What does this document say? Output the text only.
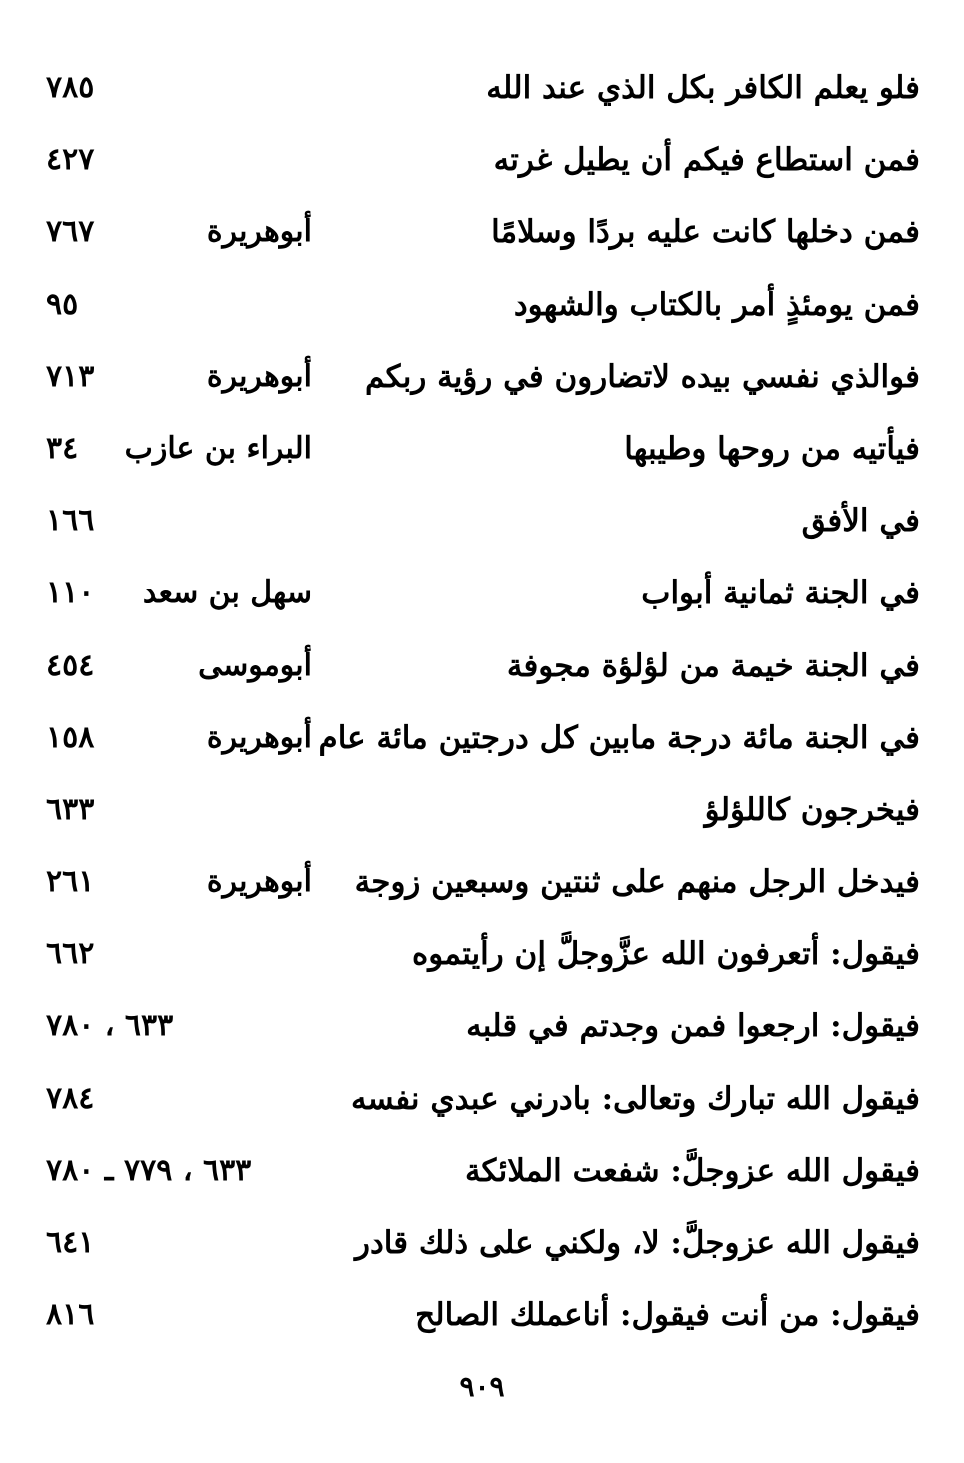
فلو يعلم الكافر بكل الذي عند الله
٧٨٥
فمن استطاع فيكم أن يطيل غرته
٤٢٧
فمن دخلها كانت عليه بردًا وسلامًا
أبوهريرة
٧٦٧
فمن يومئذٍ أمر بالكتاب والشهود
٩٥
فوالذي نفسي بيده لاتضارون في رؤية ربكم
أبوهريرة
٧١٣
فيأتيه من روحها وطيبها
البراء بن عازب
٣٤
في الأفق
١٦٦
في الجنة ثمانية أبواب
سهل بن سعد
١١٠
في الجنة خيمة من لؤلؤة مجوفة
أبوموسى
٤٥٤
في الجنة مائة درجة مابين كل درجتين مائة عام
أبوهريرة
١٥٨
فيخرجون كاللؤلؤ
٦٣٣
فيدخل الرجل منهم على ثنتين وسبعين زوجة
أبوهريرة
٢٦١
فيقول: أتعرفون الله عزَّوجلَّ إن رأيتموه
٦٦٢
فيقول: ارجعوا فمن وجدتم في قلبه
٦٣٣ ، ٧٨٠
فيقول الله تبارك وتعالى: بادرني عبدي نفسه
٧٨٤
فيقول الله عزوجلَّ: شفعت الملائكة
٦٣٣ ، ٧٧٩ ـ ٧٨٠
فيقول الله عزوجلَّ: لا، ولكني على ذلك قادر
٦٤١
فيقول: من أنت فيقول: أناعملك الصالح
٨١٦
٩٠٩
